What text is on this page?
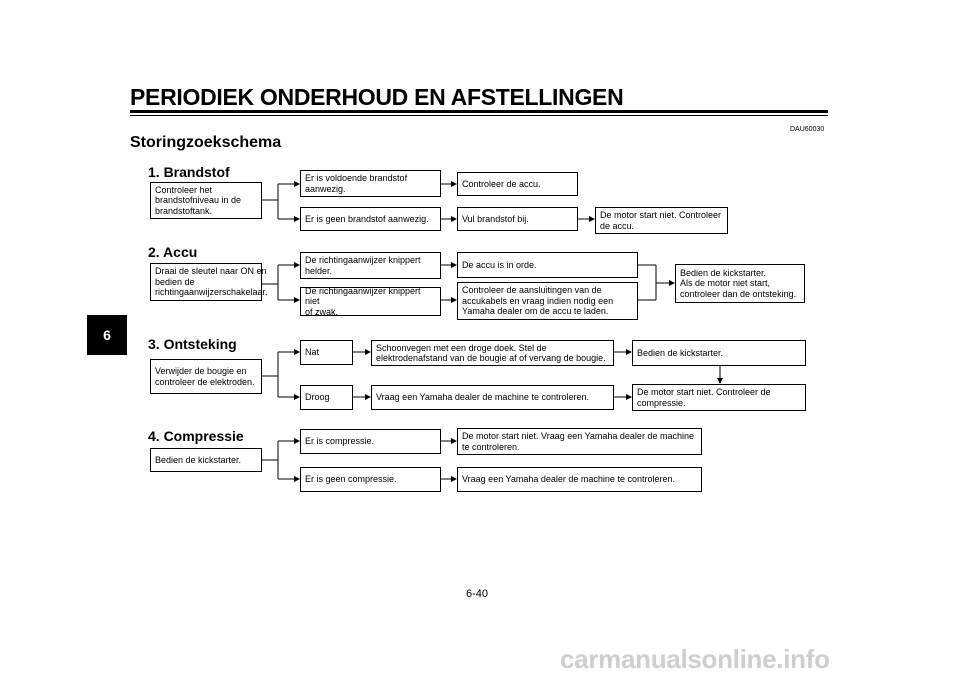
PERIODIEK ONDERHOUD EN AFSTELLINGEN
DAU60030
Storingzoekschema
6
1. Brandstof
Controleer het
brandstofniveau in de
brandstoftank.
Er is voldoende brandstof
aanwezig.	Controleer de accu.
Er is geen brandstof aanwezig.	Vul brandstof bij.	De motor start niet. Controleer
de accu.
2. Accu
Draai de sleutel naar ON en
bedien de
richtingaanwijzerschakelaar.
De richtingaanwijzer knippert
helder.
De accu is in orde.
De richtingaanwijzer knippert niet
of zwak.
Controleer de aansluitingen van de
accukabels en vraag indien nodig een
Yamaha dealer om de accu te laden.
Bedien de kickstarter.
Als de motor niet start,
controleer dan de ontsteking.
3. Ontsteking
Verwijder de bougie en
controleer de elektroden.
Nat	Schoonvegen met een droge doek. Stel de
elektrodenafstand van de bougie af of vervang de bougie.
Bedien de kickstarter.
Droog	Vraag een Yamaha dealer de machine te controleren.
De motor start niet. Controleer de
compressie.
4. Compressie
Bedien de kickstarter.
Er is compressie.
De motor start niet. Vraag een Yamaha dealer de machine
te controleren.
Er is geen compressie.	Vraag een Yamaha dealer de machine te controleren.
6-40
carmanualsonline.info
